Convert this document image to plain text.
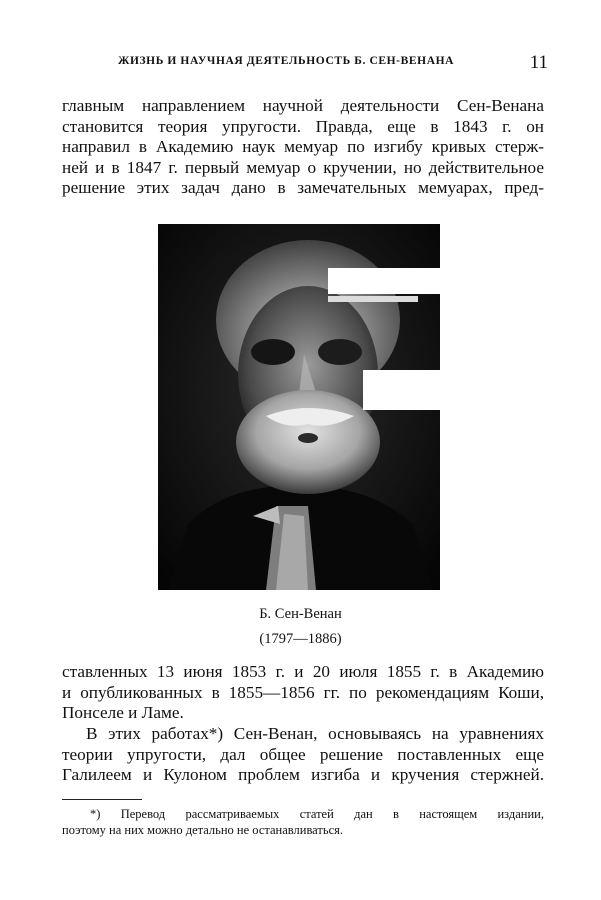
ЖИЗНЬ И НАУЧНАЯ ДЕЯТЕЛЬНОСТЬ Б. СЕН-ВЕНАНА	11
главным направлением научной деятельности Сен-Венана
становится теория упругости. Правда, еще в 1843 г. он
направил в Академию наук мемуар по изгибу кривых стерж-
ней и в 1847 г. первый мемуар о кручении, но действительное
решение этих задач дано в замечательных мемуарах, пред-
Б. Сен-Венан
(1797—1886)
ставленных 13 июня 1853 г. и 20 июля 1855 г. в Академию
и опубликованных в 1855—1856 гг. по рекомендациям Коши,
Понселе и Ламе.
В этих работах*) Сен-Венан, основываясь на уравнениях
теории упругости, дал общее решение поставленных еще
Галилеем и Кулоном проблем изгиба и кручения стержней.
*) Перевод рассматриваемых статей дан в настоящем издании,
поэтому на них можно детально не останавливаться.
